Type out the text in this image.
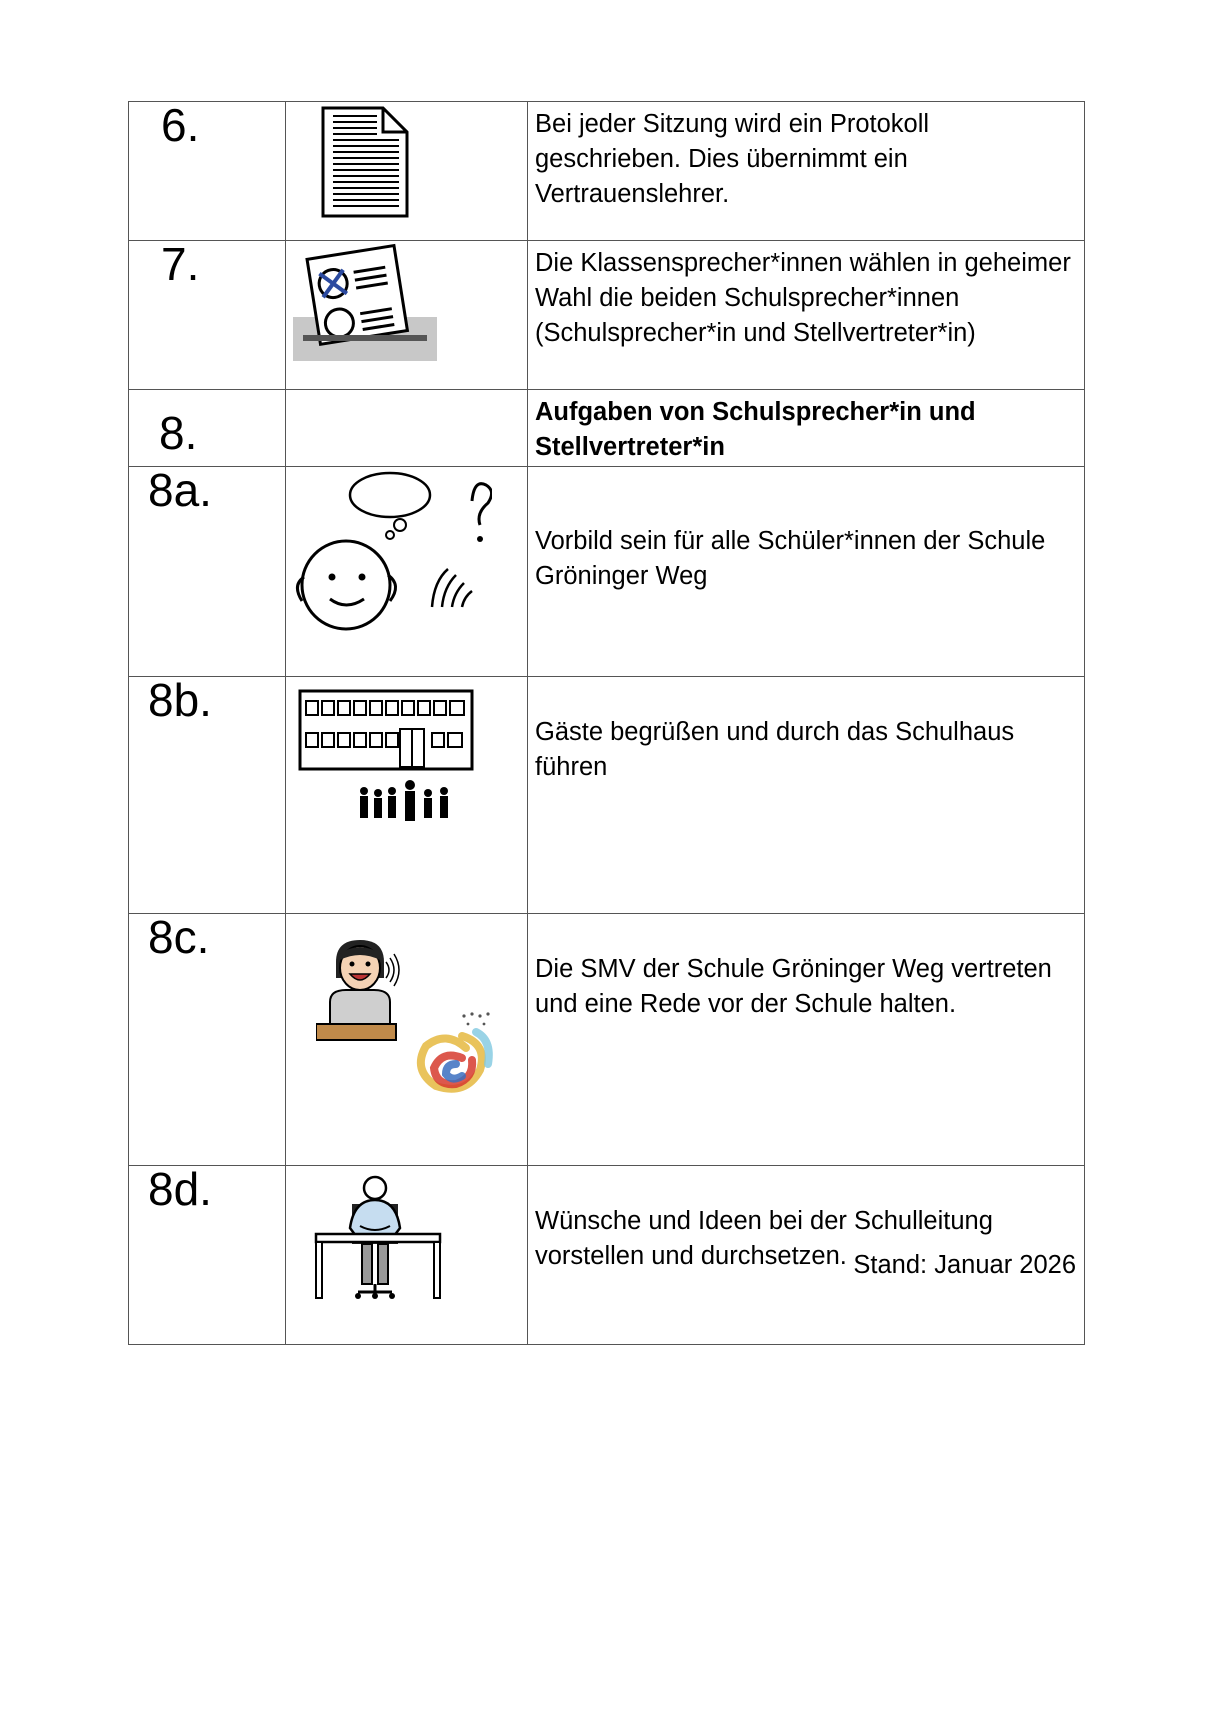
6.		Bei jeder Sitzung wird ein Protokoll geschrieben. Dies übernimmt ein Vertrauenslehrer.

7.		Die Klassensprecher*innen wählen in geheimer Wahl die beiden Schulsprecher*innen (Schulsprecher*in und Stellvertreter*in)

8.		Aufgaben von Schulsprecher*in und Stellvertreter*in

8a.		Vorbild sein für alle Schüler*innen der Schule Gröninger Weg

8b.		Gäste begrüßen und durch das Schulhaus führen

8c.		Die SMV der Schule Gröninger Weg vertreten und eine Rede vor der Schule halten.

8d.		Wünsche und Ideen bei der Schulleitung vorstellen und durchsetzen. Stand: Januar 2026
